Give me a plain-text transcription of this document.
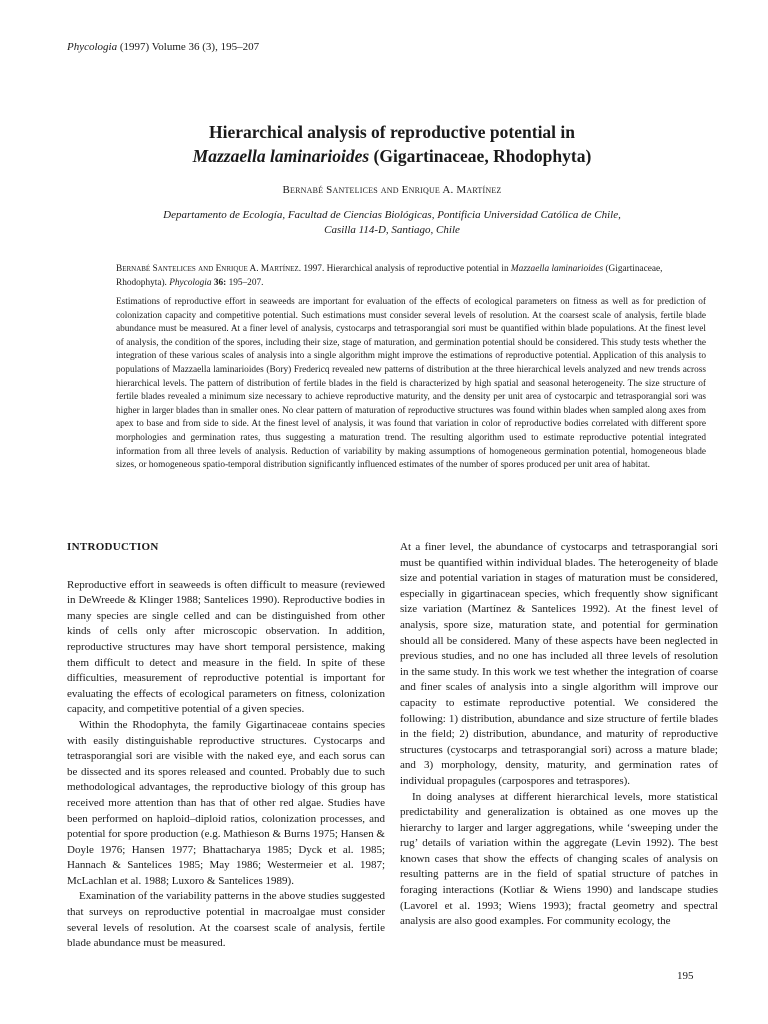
Phycologia (1997) Volume 36 (3), 195–207
Hierarchical analysis of reproductive potential in
Mazzaella laminarioides (Gigartinaceae, Rhodophyta)
Bernabé Santelices and Enrique A. Martínez
Departamento de Ecología, Facultad de Ciencias Biológicas, Pontificia Universidad Católica de Chile,
Casilla 114-D, Santiago, Chile
Bernabé Santelices and Enrique A. Martínez. 1997. Hierarchical analysis of reproductive potential in Mazzaella laminarioides (Gigartinaceae, Rhodophyta). Phycologia 36: 195–207.
Estimations of reproductive effort in seaweeds are important for evaluation of the effects of ecological parameters on fitness as well as for prediction of colonization capacity and competitive potential. Such estimations must consider several levels of resolution. At the coarsest scale of analysis, fertile blade abundance must be measured. At a finer level of analysis, cystocarps and tetrasporangial sori must be quantified within blade populations. At the finest level of analysis, the condition of the spores, including their size, stage of maturation, and germination potential should be considered. This study tests whether the integration of these various scales of analysis into a single algorithm might improve the estimations of reproductive potential. Application of this analysis to populations of Mazzaella laminarioides (Bory) Fredericq revealed new patterns of distribution at the three hierarchical levels analyzed and new trends across hierarchical levels. The pattern of distribution of fertile blades in the field is characterized by high spatial and seasonal heterogeneity. The size structure of fertile blades revealed a minimum size necessary to achieve reproductive maturity, and the density per unit area of cystocarpic and tetrasporangial sori was higher in larger blades than in smaller ones. No clear pattern of maturation of reproductive structures was found within blades when sampled along axes from apex to base and from side to side. At the finest level of analysis, it was found that variation in color of reproductive bodies correlated with different spore morphologies and germination rates, thus suggesting a maturation trend. The resulting algorithm used to estimate reproductive potential integrated information from all three levels of analysis. Reduction of variability by making assumptions of homogeneous germination potential, homogeneous blade sizes, or homogeneous spatio-temporal distribution significantly influenced estimates of the number of spores produced per unit area of habitat.
INTRODUCTION

Reproductive effort in seaweeds is often difficult to measure (reviewed in DeWreede & Klinger 1988; Santelices 1990). Reproductive bodies in many species are single celled and can be distinguished from other kinds of cells only after microscopic observation. In addition, reproductive structures may have short temporal persistence, making them difficult to detect and measure in the field. In spite of these difficulties, measurement of reproductive potential is important for evaluating the effects of ecological parameters on fitness, colonization capacity, and competitive potential of a given species.

Within the Rhodophyta, the family Gigartinaceae contains species with easily distinguishable reproductive structures. Cystocarps and tetrasporangial sori are visible with the naked eye, and each sorus can be dissected and its spores released and counted. Probably due to such methodological advantages, the reproductive biology of this group has received more attention than has that of other red algae. Studies have been performed on haploid–diploid ratios, colonization processes, and potential for spore production (e.g. Mathieson & Burns 1975; Hansen & Doyle 1976; Hansen 1977; Bhattacharya 1985; Dyck et al. 1985; Hannach & Santelices 1985; May 1986; Westermeier et al. 1987; McLachlan et al. 1988; Luxoro & Santelices 1989).

Examination of the variability patterns in the above studies suggested that surveys on reproductive potential in macroalgae must consider several levels of resolution. At the coarsest scale of analysis, fertile blade abundance must be measured.

At a finer level, the abundance of cystocarps and tetrasporangial sori must be quantified within individual blades. The heterogeneity of blade size and potential variation in stages of maturation must be considered, especially in gigartinacean species, which frequently show significant size variation (Martínez & Santelices 1992). At the finest level of analysis, spore size, maturation state, and potential for germination should all be considered. Many of these aspects have been neglected in previous studies, and no one has included all three levels of resolution in the same study. In this work we test whether the integration of coarse and finer scales of analysis into a single algorithm will improve our capacity to estimate reproductive potential. We considered the following: 1) distribution, abundance and size structure of fertile blades in the field; 2) distribution, abundance, and maturity of reproductive structures (cystocarps and tetrasporangial sori) across a mature blade; and 3) morphology, density, maturity, and germination rates of individual propagules (carpospores and tetraspores).

In doing analyses at different hierarchical levels, more statistical predictability and generalization is obtained as one moves up the hierarchy to larger and larger aggregations, while ‘sweeping under the rug’ details of variation within the aggregate (Levin 1992). The best known cases that show the effects of changing scales of analysis on resulting patterns are in the field of spatial structure of patches in foraging interactions (Kotliar & Wiens 1990) and landscape studies (Lavorel et al. 1993; Wiens 1993); fractal geometry and spectral analysis are also good examples. For community ecology, the

195
